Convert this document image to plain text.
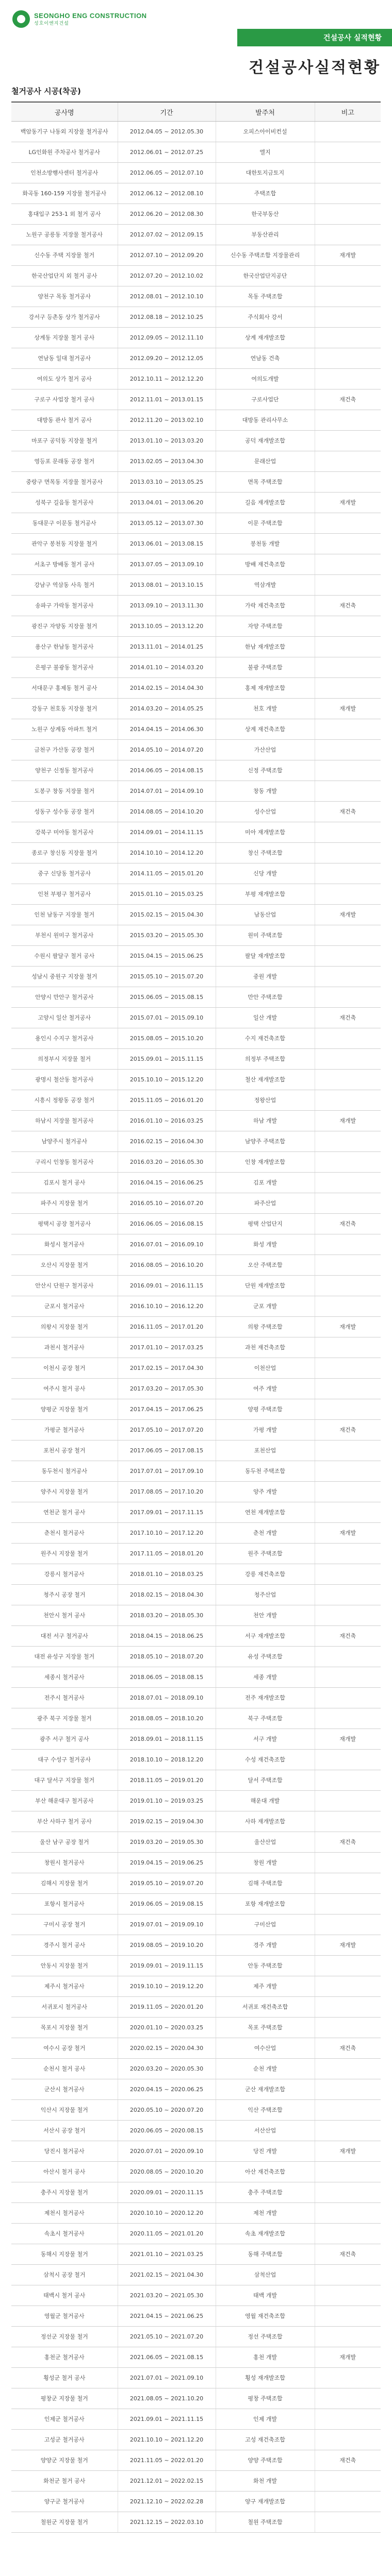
SEONGHO ENG CONSTRUCTION
성호이엔지건설
건설공사 실적현황
건설공사실적현황
철거공사 시공(착공)
공사명	기간	발주처	비고
백암동기구 나동외 지장물 철거공사	2012.04.05 ~ 2012.05.30	오피스아이비컨설	
LG인화원 주차공사 철거공사	2012.06.01 ~ 2012.07.25	엘지	
인천소방행사센터 철거공사	2012.06.05 ~ 2012.07.10	대한토지금토지	
화곡동 160-159 지장물 철거공사	2012.06.12 ~ 2012.08.10	주택조합	
홍대입구 253-1 외 철거 공사	2012.06.20 ~ 2012.08.30	한국부동산	
노원구 공릉동 지장물 철거공사	2012.07.02 ~ 2012.09.15	부동산관리	
신수동 주택 지장물 철거	2012.07.10 ~ 2012.09.20	신수동 주택조합 지장물관리	재개발
한국산업단지 외 철거 공사	2012.07.20 ~ 2012.10.02	한국산업단지공단	
양천구 목동 철거공사	2012.08.01 ~ 2012.10.10	목동 주택조합	
강서구 등촌동 상가 철거공사	2012.08.18 ~ 2012.10.25	주식회사 강서	
상계동 지장물 철거 공사	2012.09.05 ~ 2012.11.10	상계 재개발조합	
연남동 일대 철거공사	2012.09.20 ~ 2012.12.05	연남동 건축	
여의도 상가 철거 공사	2012.10.11 ~ 2012.12.20	여의도개발	
구로구 사업장 철거 공사	2012.11.01 ~ 2013.01.15	구로사업단	재건축
대방동 관사 철거 공사	2012.11.20 ~ 2013.02.10	대방동 관리사무소	
마포구 공덕동 지장물 철거	2013.01.10 ~ 2013.03.20	공덕 재개발조합	
영등포 문래동 공장 철거	2013.02.05 ~ 2013.04.30	문래산업	
중랑구 면목동 지장물 철거공사	2013.03.10 ~ 2013.05.25	면목 주택조합	
성북구 길음동 철거공사	2013.04.01 ~ 2013.06.20	길음 재개발조합	재개발
동대문구 이문동 철거공사	2013.05.12 ~ 2013.07.30	이문 주택조합	
관악구 봉천동 지장물 철거	2013.06.01 ~ 2013.08.15	봉천동 개발	
서초구 방배동 철거 공사	2013.07.05 ~ 2013.09.10	방배 재건축조합	
강남구 역삼동 사옥 철거	2013.08.01 ~ 2013.10.15	역삼개발	
송파구 가락동 철거공사	2013.09.10 ~ 2013.11.30	가락 재건축조합	재건축
광진구 자양동 지장물 철거	2013.10.05 ~ 2013.12.20	자양 주택조합	
용산구 한남동 철거공사	2013.11.01 ~ 2014.01.25	한남 재개발조합	
은평구 불광동 철거공사	2014.01.10 ~ 2014.03.20	불광 주택조합	
서대문구 홍제동 철거 공사	2014.02.15 ~ 2014.04.30	홍제 재개발조합	
강동구 천호동 지장물 철거	2014.03.20 ~ 2014.05.25	천호 개발	재개발
노원구 상계동 아파트 철거	2014.04.15 ~ 2014.06.30	상계 재건축조합	
금천구 가산동 공장 철거	2014.05.10 ~ 2014.07.20	가산산업	
양천구 신정동 철거공사	2014.06.05 ~ 2014.08.15	신정 주택조합	
도봉구 창동 지장물 철거	2014.07.01 ~ 2014.09.10	창동 개발	
성동구 성수동 공장 철거	2014.08.05 ~ 2014.10.20	성수산업	재건축
강북구 미아동 철거공사	2014.09.01 ~ 2014.11.15	미아 재개발조합	
종로구 창신동 지장물 철거	2014.10.10 ~ 2014.12.20	창신 주택조합	
중구 신당동 철거공사	2014.11.05 ~ 2015.01.20	신당 개발	
인천 부평구 철거공사	2015.01.10 ~ 2015.03.25	부평 재개발조합	
인천 남동구 지장물 철거	2015.02.15 ~ 2015.04.30	남동산업	재개발
부천시 원미구 철거공사	2015.03.20 ~ 2015.05.30	원미 주택조합	
수원시 팔달구 철거 공사	2015.04.15 ~ 2015.06.25	팔달 재개발조합	
성남시 중원구 지장물 철거	2015.05.10 ~ 2015.07.20	중원 개발	
안양시 만안구 철거공사	2015.06.05 ~ 2015.08.15	만안 주택조합	
고양시 일산 철거공사	2015.07.01 ~ 2015.09.10	일산 개발	재건축
용인시 수지구 철거공사	2015.08.05 ~ 2015.10.20	수지 재건축조합	
의정부시 지장물 철거	2015.09.01 ~ 2015.11.15	의정부 주택조합	
광명시 철산동 철거공사	2015.10.10 ~ 2015.12.20	철산 재개발조합	
시흥시 정왕동 공장 철거	2015.11.05 ~ 2016.01.20	정왕산업	
하남시 지장물 철거공사	2016.01.10 ~ 2016.03.25	하남 개발	재개발
남양주시 철거공사	2016.02.15 ~ 2016.04.30	남양주 주택조합	
구리시 인창동 철거공사	2016.03.20 ~ 2016.05.30	인창 재개발조합	
김포시 철거 공사	2016.04.15 ~ 2016.06.25	김포 개발	
파주시 지장물 철거	2016.05.10 ~ 2016.07.20	파주산업	
평택시 공장 철거공사	2016.06.05 ~ 2016.08.15	평택 산업단지	재건축
화성시 철거공사	2016.07.01 ~ 2016.09.10	화성 개발	
오산시 지장물 철거	2016.08.05 ~ 2016.10.20	오산 주택조합	
안산시 단원구 철거공사	2016.09.01 ~ 2016.11.15	단원 재개발조합	
군포시 철거공사	2016.10.10 ~ 2016.12.20	군포 개발	
의왕시 지장물 철거	2016.11.05 ~ 2017.01.20	의왕 주택조합	재개발
과천시 철거공사	2017.01.10 ~ 2017.03.25	과천 재건축조합	
이천시 공장 철거	2017.02.15 ~ 2017.04.30	이천산업	
여주시 철거 공사	2017.03.20 ~ 2017.05.30	여주 개발	
양평군 지장물 철거	2017.04.15 ~ 2017.06.25	양평 주택조합	
가평군 철거공사	2017.05.10 ~ 2017.07.20	가평 개발	재건축
포천시 공장 철거	2017.06.05 ~ 2017.08.15	포천산업	
동두천시 철거공사	2017.07.01 ~ 2017.09.10	동두천 주택조합	
양주시 지장물 철거	2017.08.05 ~ 2017.10.20	양주 개발	
연천군 철거 공사	2017.09.01 ~ 2017.11.15	연천 재개발조합	
춘천시 철거공사	2017.10.10 ~ 2017.12.20	춘천 개발	재개발
원주시 지장물 철거	2017.11.05 ~ 2018.01.20	원주 주택조합	
강릉시 철거공사	2018.01.10 ~ 2018.03.25	강릉 재건축조합	
청주시 공장 철거	2018.02.15 ~ 2018.04.30	청주산업	
천안시 철거 공사	2018.03.20 ~ 2018.05.30	천안 개발	
대전 서구 철거공사	2018.04.15 ~ 2018.06.25	서구 재개발조합	재건축
대전 유성구 지장물 철거	2018.05.10 ~ 2018.07.20	유성 주택조합	
세종시 철거공사	2018.06.05 ~ 2018.08.15	세종 개발	
전주시 철거공사	2018.07.01 ~ 2018.09.10	전주 재개발조합	
광주 북구 지장물 철거	2018.08.05 ~ 2018.10.20	북구 주택조합	
광주 서구 철거 공사	2018.09.01 ~ 2018.11.15	서구 개발	재개발
대구 수성구 철거공사	2018.10.10 ~ 2018.12.20	수성 재건축조합	
대구 달서구 지장물 철거	2018.11.05 ~ 2019.01.20	달서 주택조합	
부산 해운대구 철거공사	2019.01.10 ~ 2019.03.25	해운대 개발	
부산 사하구 철거 공사	2019.02.15 ~ 2019.04.30	사하 재개발조합	
울산 남구 공장 철거	2019.03.20 ~ 2019.05.30	울산산업	재건축
창원시 철거공사	2019.04.15 ~ 2019.06.25	창원 개발	
김해시 지장물 철거	2019.05.10 ~ 2019.07.20	김해 주택조합	
포항시 철거공사	2019.06.05 ~ 2019.08.15	포항 재개발조합	
구미시 공장 철거	2019.07.01 ~ 2019.09.10	구미산업	
경주시 철거 공사	2019.08.05 ~ 2019.10.20	경주 개발	재개발
안동시 지장물 철거	2019.09.01 ~ 2019.11.15	안동 주택조합	
제주시 철거공사	2019.10.10 ~ 2019.12.20	제주 개발	
서귀포시 철거공사	2019.11.05 ~ 2020.01.20	서귀포 재건축조합	
목포시 지장물 철거	2020.01.10 ~ 2020.03.25	목포 주택조합	
여수시 공장 철거	2020.02.15 ~ 2020.04.30	여수산업	재건축
순천시 철거 공사	2020.03.20 ~ 2020.05.30	순천 개발	
군산시 철거공사	2020.04.15 ~ 2020.06.25	군산 재개발조합	
익산시 지장물 철거	2020.05.10 ~ 2020.07.20	익산 주택조합	
서산시 공장 철거	2020.06.05 ~ 2020.08.15	서산산업	
당진시 철거공사	2020.07.01 ~ 2020.09.10	당진 개발	재개발
아산시 철거 공사	2020.08.05 ~ 2020.10.20	아산 재건축조합	
충주시 지장물 철거	2020.09.01 ~ 2020.11.15	충주 주택조합	
제천시 철거공사	2020.10.10 ~ 2020.12.20	제천 개발	
속초시 철거공사	2020.11.05 ~ 2021.01.20	속초 재개발조합	
동해시 지장물 철거	2021.01.10 ~ 2021.03.25	동해 주택조합	재건축
삼척시 공장 철거	2021.02.15 ~ 2021.04.30	삼척산업	
태백시 철거 공사	2021.03.20 ~ 2021.05.30	태백 개발	
영월군 철거공사	2021.04.15 ~ 2021.06.25	영월 재건축조합	
정선군 지장물 철거	2021.05.10 ~ 2021.07.20	정선 주택조합	
홍천군 철거공사	2021.06.05 ~ 2021.08.15	홍천 개발	재개발
횡성군 철거 공사	2021.07.01 ~ 2021.09.10	횡성 재개발조합	
평창군 지장물 철거	2021.08.05 ~ 2021.10.20	평창 주택조합	
인제군 철거공사	2021.09.01 ~ 2021.11.15	인제 개발	
고성군 철거공사	2021.10.10 ~ 2021.12.20	고성 재건축조합	
양양군 지장물 철거	2021.11.05 ~ 2022.01.20	양양 주택조합	재건축
화천군 철거 공사	2021.12.01 ~ 2022.02.15	화천 개발	
양구군 철거공사	2021.12.10 ~ 2022.02.28	양구 재개발조합	
철원군 지장물 철거	2021.12.15 ~ 2022.03.10	철원 주택조합	
